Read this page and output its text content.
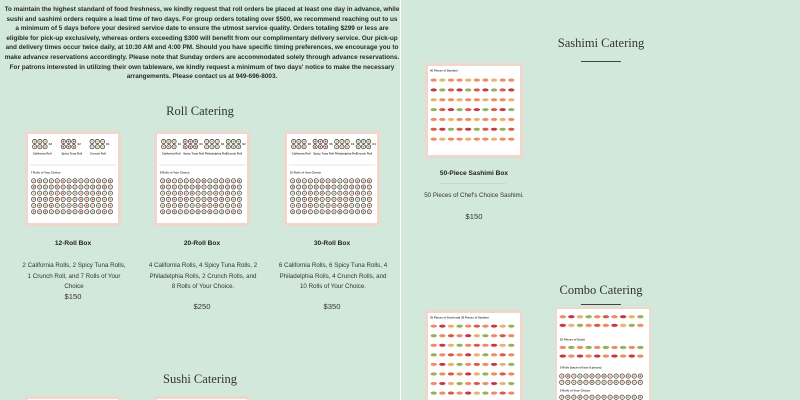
To maintain the highest standard of food freshness, we kindly request that roll orders be placed at least one day in advance, while sushi and sashimi orders require a lead time of two days. For group orders totaling over $500, we recommend reaching out to us a minimum of 5 days before your desired service date to ensure the utmost service quality. Orders totaling $299 or less are eligible for pick-up exclusively, whereas orders exceeding $300 will benefit from our complimentary delivery service. Our pick-up and delivery times occur twice daily, at 10:30 AM and 4:00 PM. Should you have specific timing preferences, we encourage you to make advance reservations accordingly. Please note that Sunday orders are accommodated solely through advance reservations. For patrons interested in utilizing their own tableware, we kindly request a minimum of two days' notice to make the necessary arrangements. Please contact us at 949-696-8003.

Roll Catering
X2
California Roll
X2
Spicy Tuna Roll
X1
Crunch Roll
7 Rolls of Your Choice
12-Roll Box
2 California Rolls, 2 Spicy Tuna Rolls, 1 Crunch Roll, and 7 Rolls of Your Choice
$150
X4
California Roll
X4
Spicy Tuna Roll
X2
Philadelphia Roll
X2
Crunch Roll
8 Rolls of Your Choice
20-Roll Box
4 California Rolls, 4 Spicy Tuna Rolls, 2 Philadelphia Rolls, 2 Crunch Rolls, and 8 Rolls of Your Choice.
$250
X6
California Roll
X6
Spicy Tuna Roll
X4
Philadelphia Roll
X4
Crunch Roll
10 Rolls of Your Choice
30-Roll Box
6 California Rolls, 6 Spicy Tuna Rolls, 4 Philadelphia Rolls, 4 Crunch Rolls, and 10 Rolls of Your Choice.
$350
Sushi Catering
Sashimi Catering
50 Pieces of Sashimi
50-Piece Sashimi Box
50 Pieces of Chef's Choice Sashimi.
$150
Combo Catering
25 Pieces of Sushi and 30 Pieces of Sashimi
25 Pieces of Sushi
5 Rolls (each roll has 8 pieces)
5 Rolls of Your Choice
